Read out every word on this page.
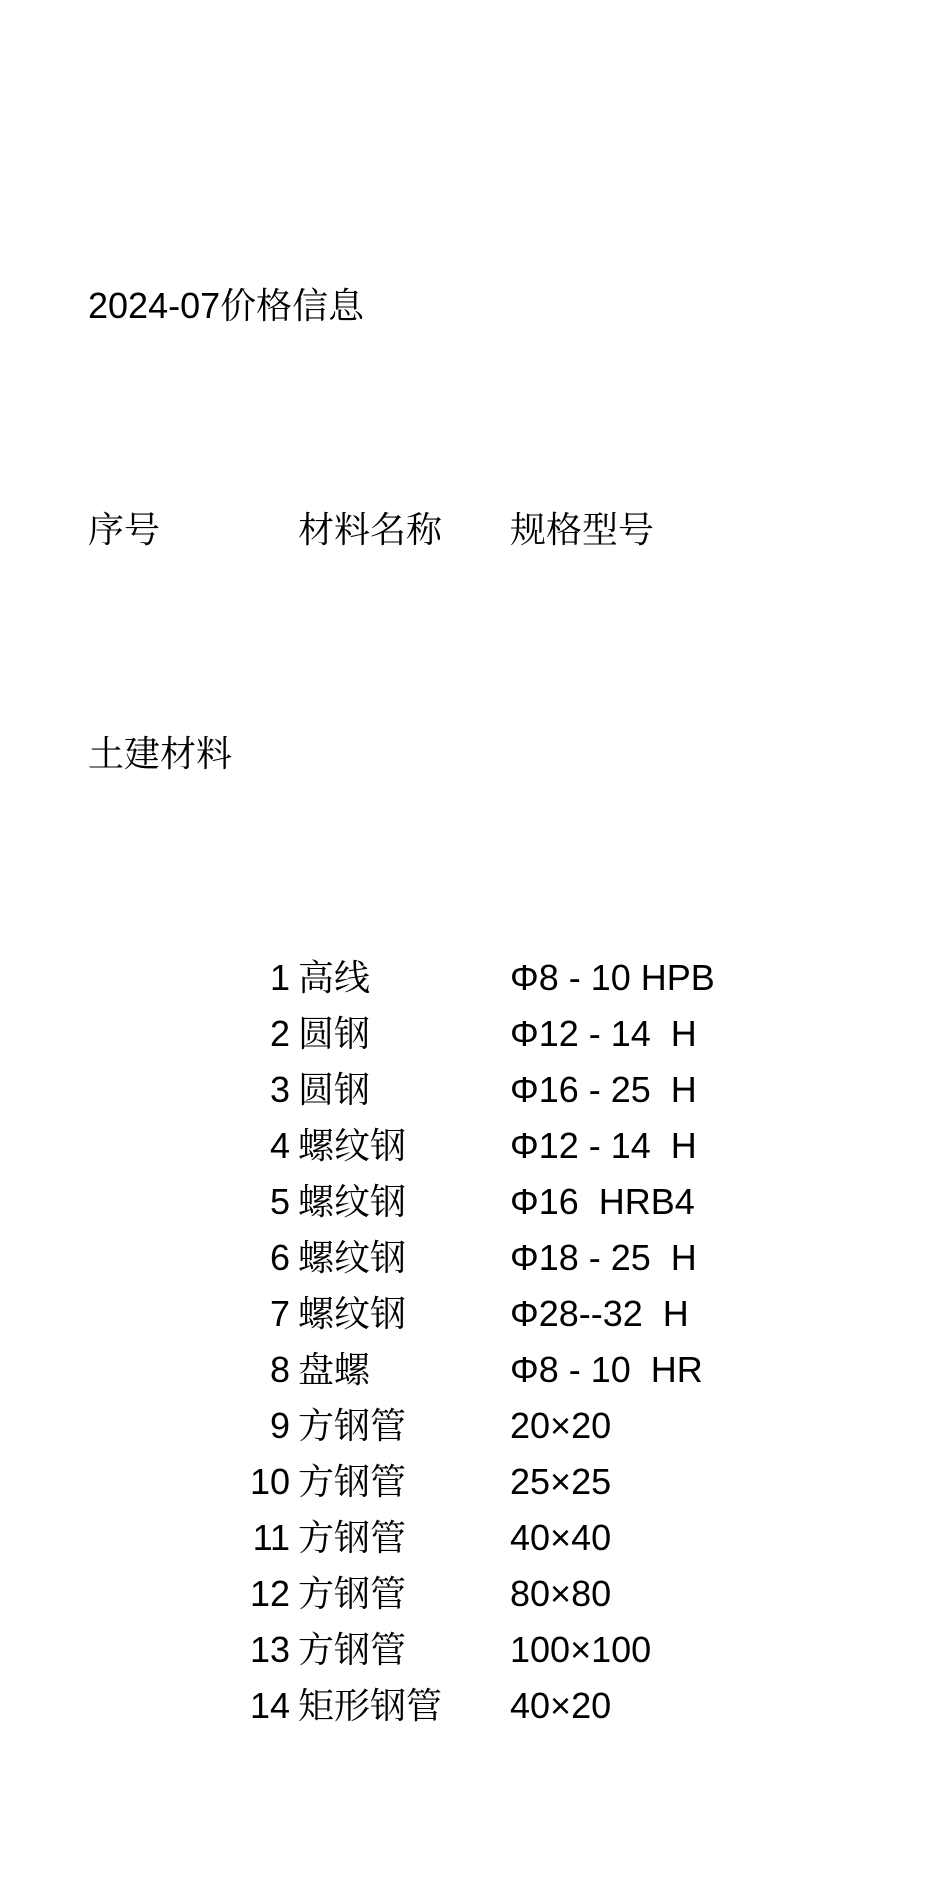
2024-07价格信息

序号	材料名称	规格型号

土建材料

1 高线	Φ8 - 10 HPB
2 圆钢	Φ12 - 14  H
3 圆钢	Φ16 - 25  H
4 螺纹钢	Φ12 - 14  H
5 螺纹钢	Φ16  HRB4
6 螺纹钢	Φ18 - 25  H
7 螺纹钢	Φ28--32  H
8 盘螺	Φ8 - 10  HR
9 方钢管	20×20
10 方钢管	25×25
11 方钢管	40×40
12 方钢管	80×80
13 方钢管	100×100
14 矩形钢管	40×20
